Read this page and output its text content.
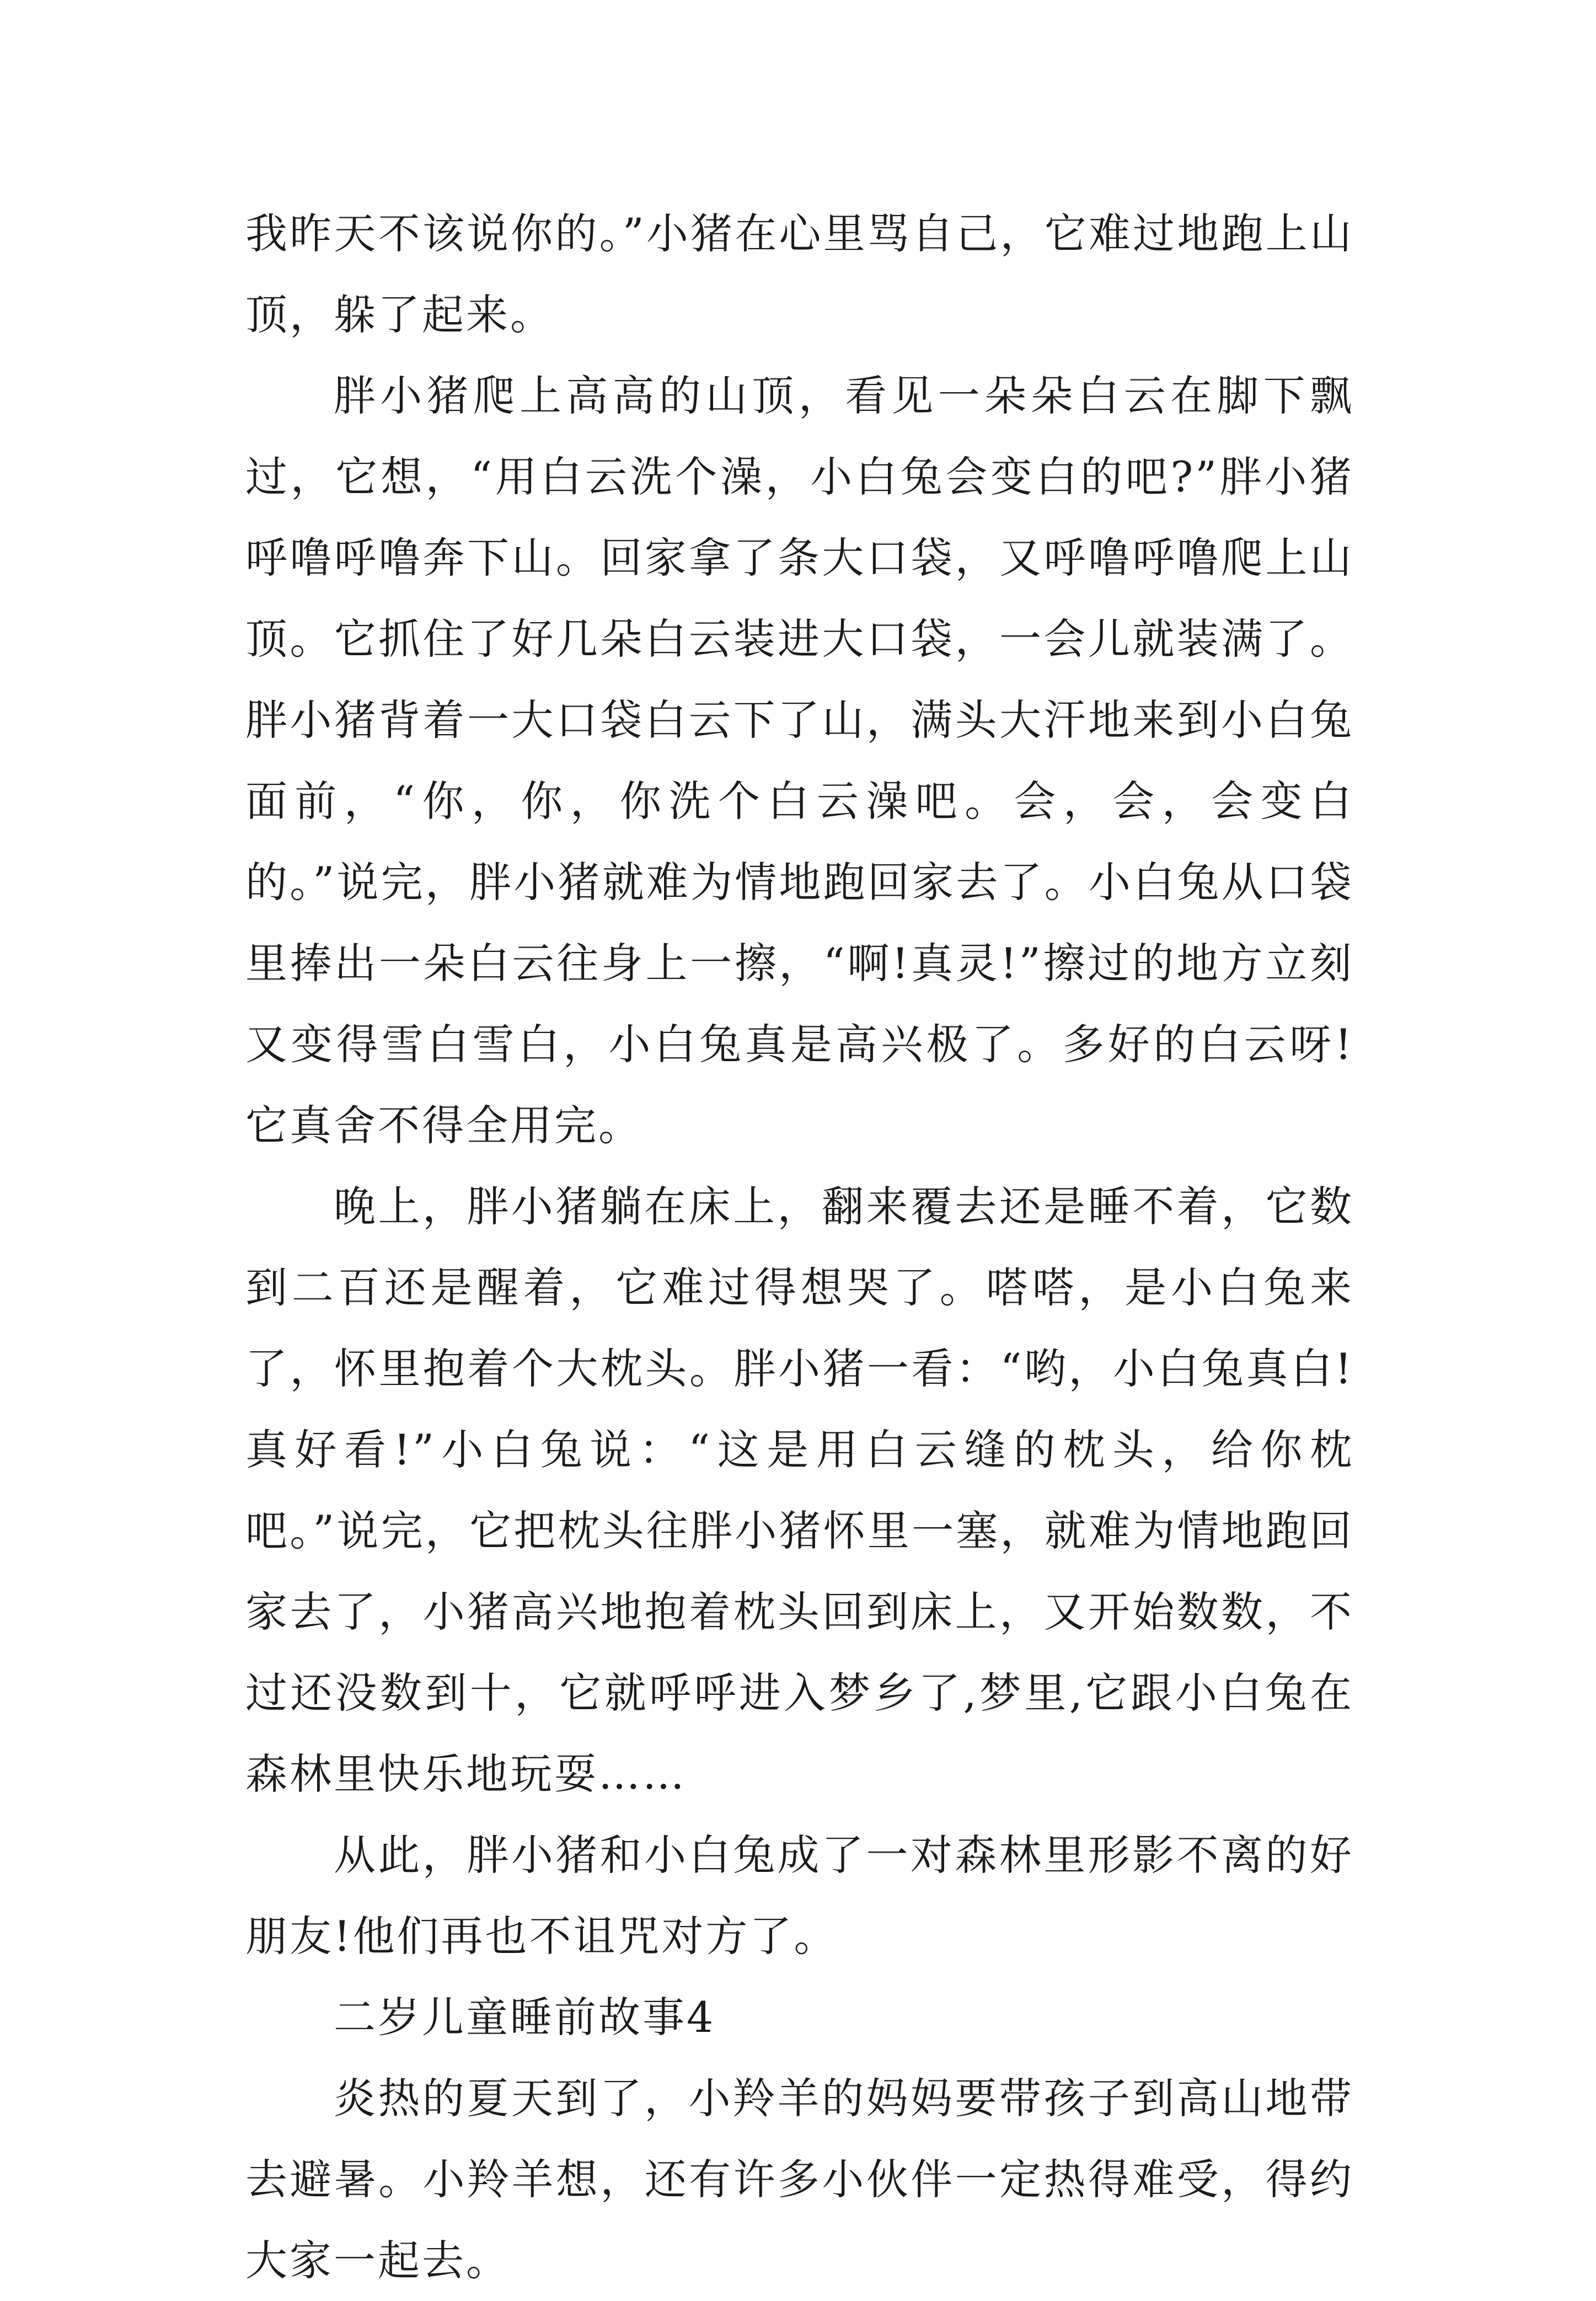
我昨天不该说你的。”小猪在心里骂自己，它难过地跑上山顶，躲了起来。

胖小猪爬上高高的山顶，看见一朵朵白云在脚下飘过，它想，“用白云洗个澡，小白兔会变白的吧?”胖小猪呼噜呼噜奔下山。回家拿了条大口袋，又呼噜呼噜爬上山顶。它抓住了好几朵白云装进大口袋，一会儿就装满了。胖小猪背着一大口袋白云下了山，满头大汗地来到小白兔面前，“你，你，你洗个白云澡吧。会，会，会变白的。”说完，胖小猪就难为情地跑回家去了。小白兔从口袋里捧出一朵白云往身上一擦，“啊!真灵!”擦过的地方立刻又变得雪白雪白，小白兔真是高兴极了。多好的白云呀!它真舍不得全用完。

晚上，胖小猪躺在床上，翻来覆去还是睡不着，它数到二百还是醒着，它难过得想哭了。嗒嗒，是小白兔来了，怀里抱着个大枕头。胖小猪一看：“哟，小白兔真白!真好看!”小白兔说：“这是用白云缝的枕头，给你枕吧。”说完，它把枕头往胖小猪怀里一塞，就难为情地跑回家去了，小猪高兴地抱着枕头回到床上，又开始数数，不过还没数到十，它就呼呼进入梦乡了,梦里,它跟小白兔在森林里快乐地玩耍……

从此，胖小猪和小白兔成了一对森林里形影不离的好朋友!他们再也不诅咒对方了。

二岁儿童睡前故事4

炎热的夏天到了，小羚羊的妈妈要带孩子到高山地带去避暑。小羚羊想，还有许多小伙伴一定热得难受，得约大家一起去。
